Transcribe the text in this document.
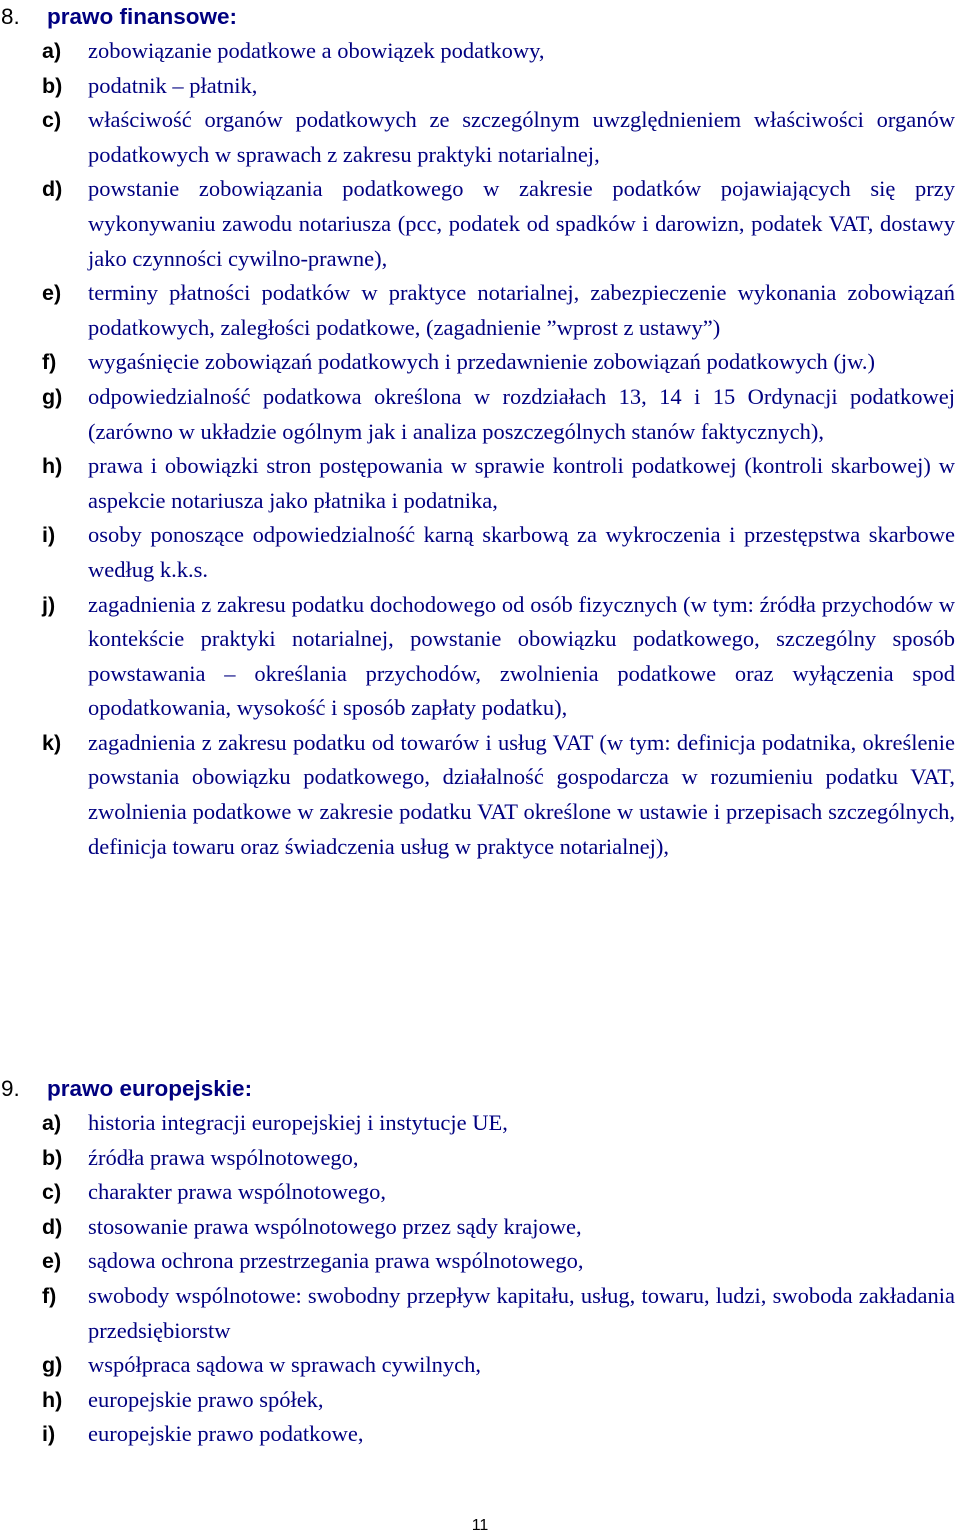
8. prawo finansowe:
a) zobowiązanie podatkowe a obowiązek podatkowy,
b) podatnik – płatnik,
c) właściwość organów podatkowych ze szczególnym uwzględnieniem właściwości organów podatkowych w sprawach z zakresu praktyki notarialnej,
d) powstanie zobowiązania podatkowego w zakresie podatków pojawiających się przy wykonywaniu zawodu notariusza (pcc, podatek od spadków i darowizn, podatek VAT, dostawy jako czynności cywilno-prawne),
e) terminy płatności podatków w praktyce notarialnej, zabezpieczenie wykonania zobowiązań podatkowych, zaległości podatkowe, (zagadnienie ”wprost z ustawy”)
f) wygaśnięcie zobowiązań podatkowych i przedawnienie zobowiązań podatkowych (jw.)
g) odpowiedzialność podatkowa określona w rozdziałach 13, 14 i 15 Ordynacji podatkowej (zarówno w układzie ogólnym jak i analiza poszczególnych stanów faktycznych),
h) prawa i obowiązki stron postępowania w sprawie kontroli podatkowej (kontroli skarbowej) w aspekcie notariusza jako płatnika i podatnika,
i) osoby ponoszące odpowiedzialność karną skarbową za wykroczenia i przestępstwa skarbowe według k.k.s.
j) zagadnienia z zakresu podatku dochodowego od osób fizycznych (w tym: źródła przychodów w kontekście praktyki notarialnej, powstanie obowiązku podatkowego, szczególny sposób powstawania – określania przychodów, zwolnienia podatkowe oraz wyłączenia spod opodatkowania, wysokość i sposób zapłaty podatku),
k) zagadnienia z zakresu podatku od towarów i usług VAT (w tym: definicja podatnika, określenie powstania obowiązku podatkowego, działalność gospodarcza w rozumieniu podatku VAT, zwolnienia podatkowe w zakresie podatku VAT określone w ustawie i przepisach szczególnych, definicja towaru oraz świadczenia usług w praktyce notarialnej),
9. prawo europejskie:
a) historia integracji europejskiej i instytucje UE,
b) źródła prawa wspólnotowego,
c) charakter prawa wspólnotowego,
d) stosowanie prawa wspólnotowego przez sądy krajowe,
e) sądowa ochrona przestrzegania prawa wspólnotowego,
f) swobody wspólnotowe: swobodny przepływ kapitału, usług, towaru, ludzi, swoboda zakładania przedsiębiorstw
g) współpraca sądowa w sprawach cywilnych,
h) europejskie prawo spółek,
i) europejskie prawo podatkowe,
11
